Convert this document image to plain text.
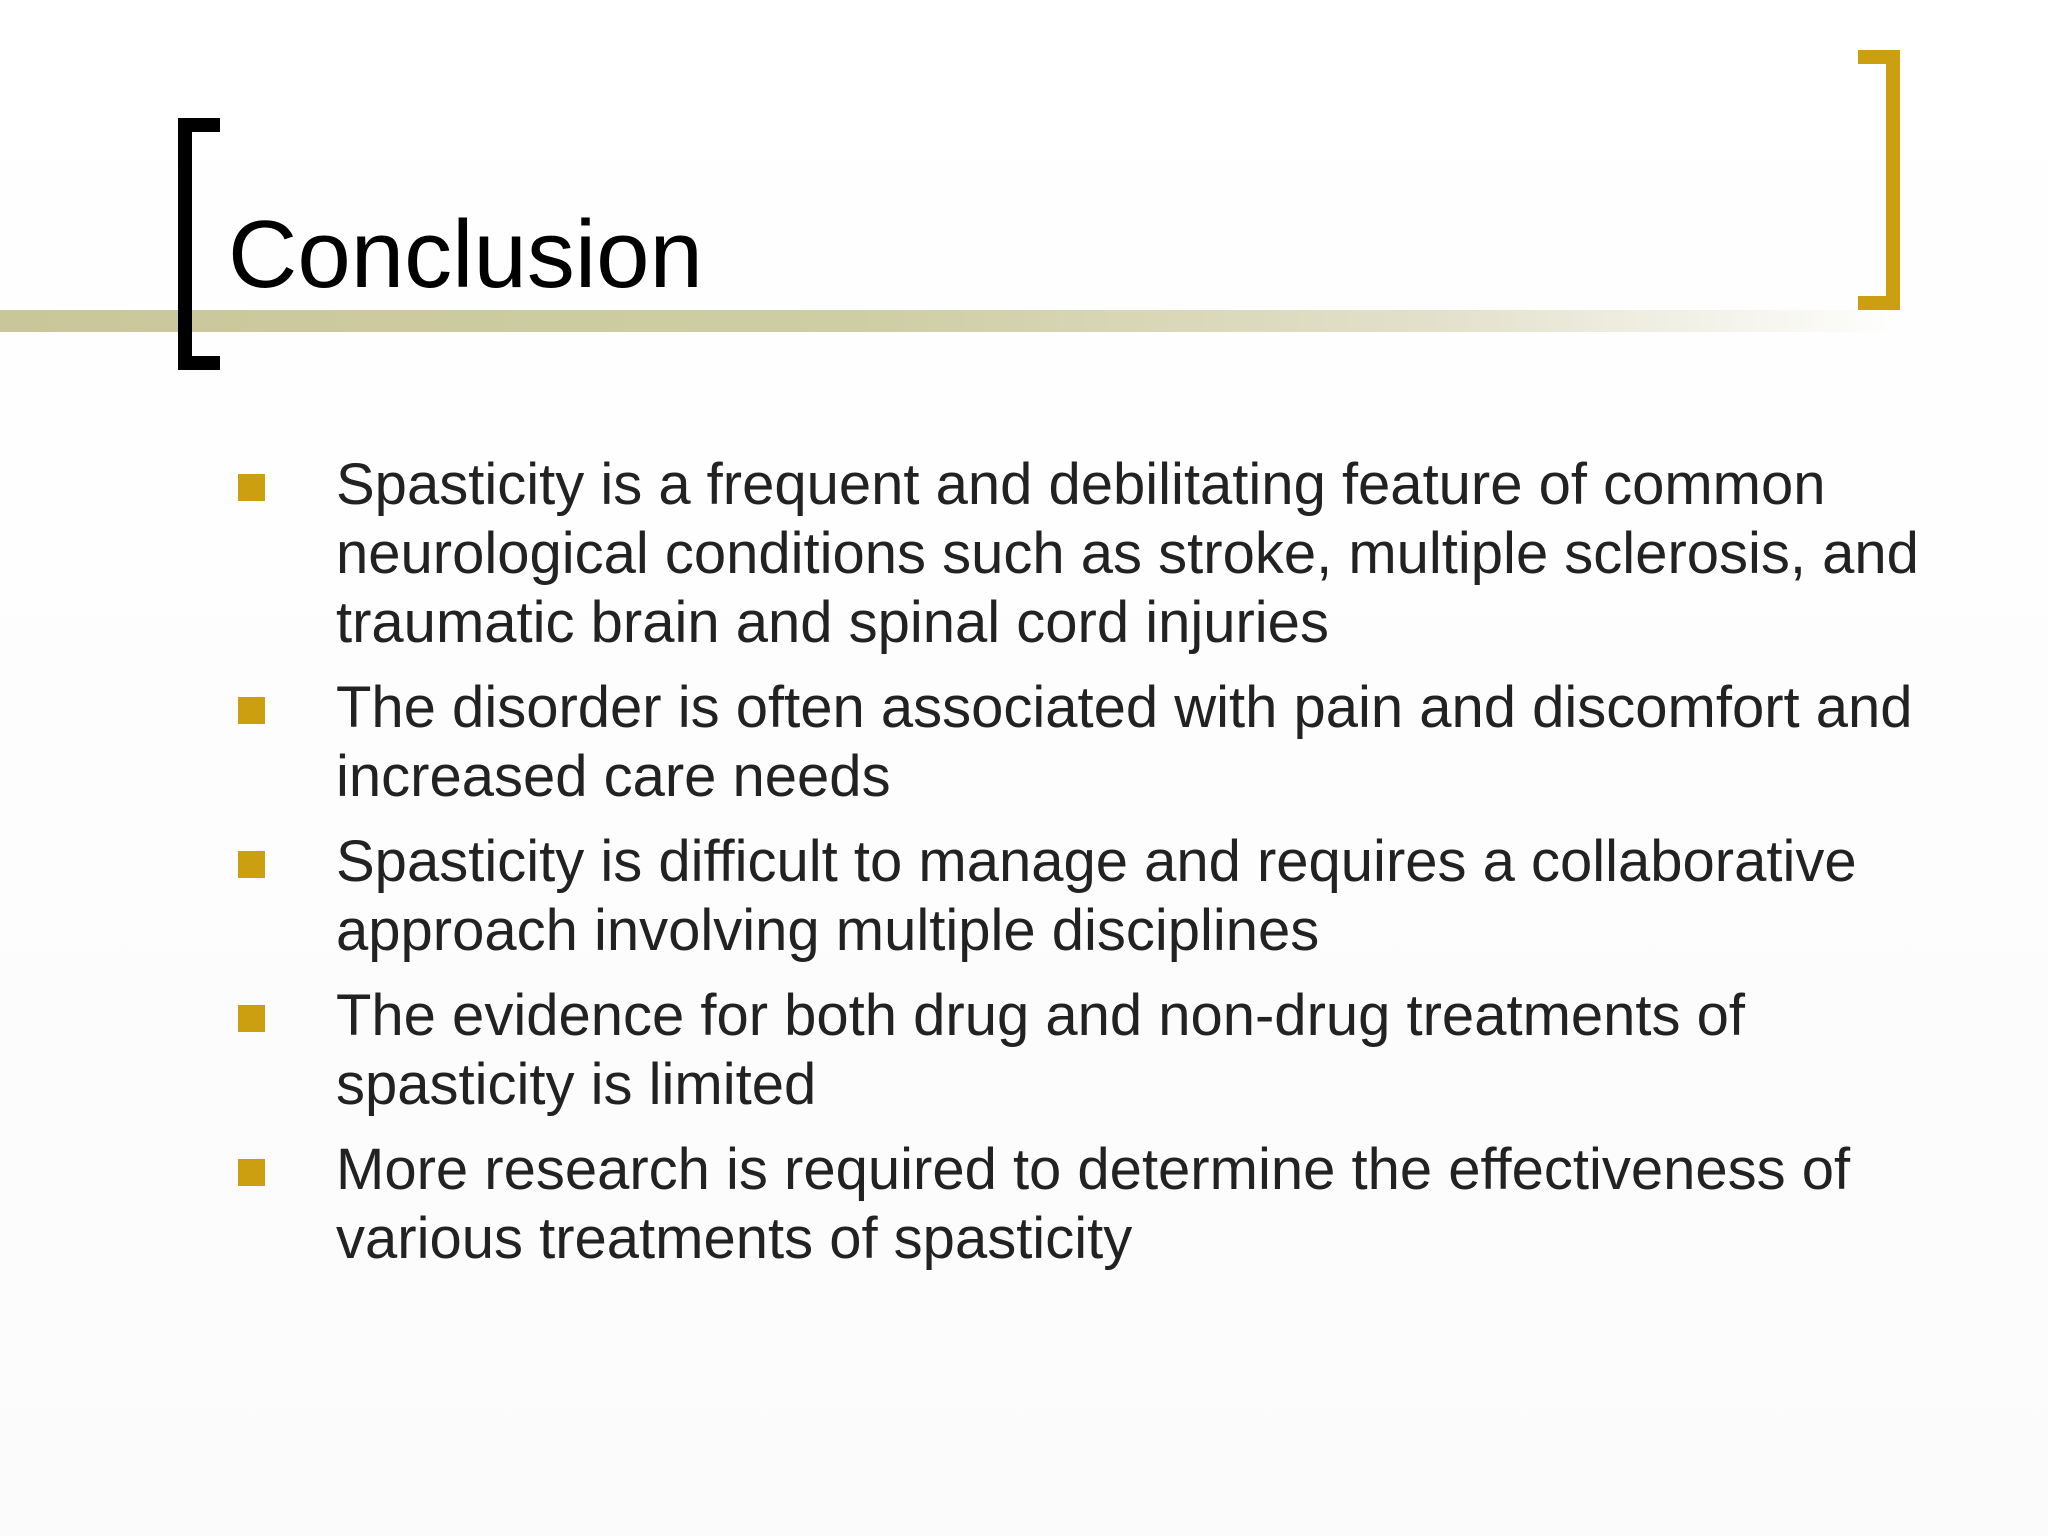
Conclusion
Spasticity is a frequent and debilitating feature of common neurological conditions such as stroke, multiple sclerosis, and traumatic brain and spinal cord injuries
The disorder is often associated with pain and discomfort and increased care needs
Spasticity is difficult to manage and requires a collaborative approach involving multiple disciplines
The evidence for both drug and non-drug treatments of spasticity is limited
More research is required to determine the effectiveness of various treatments of spasticity
